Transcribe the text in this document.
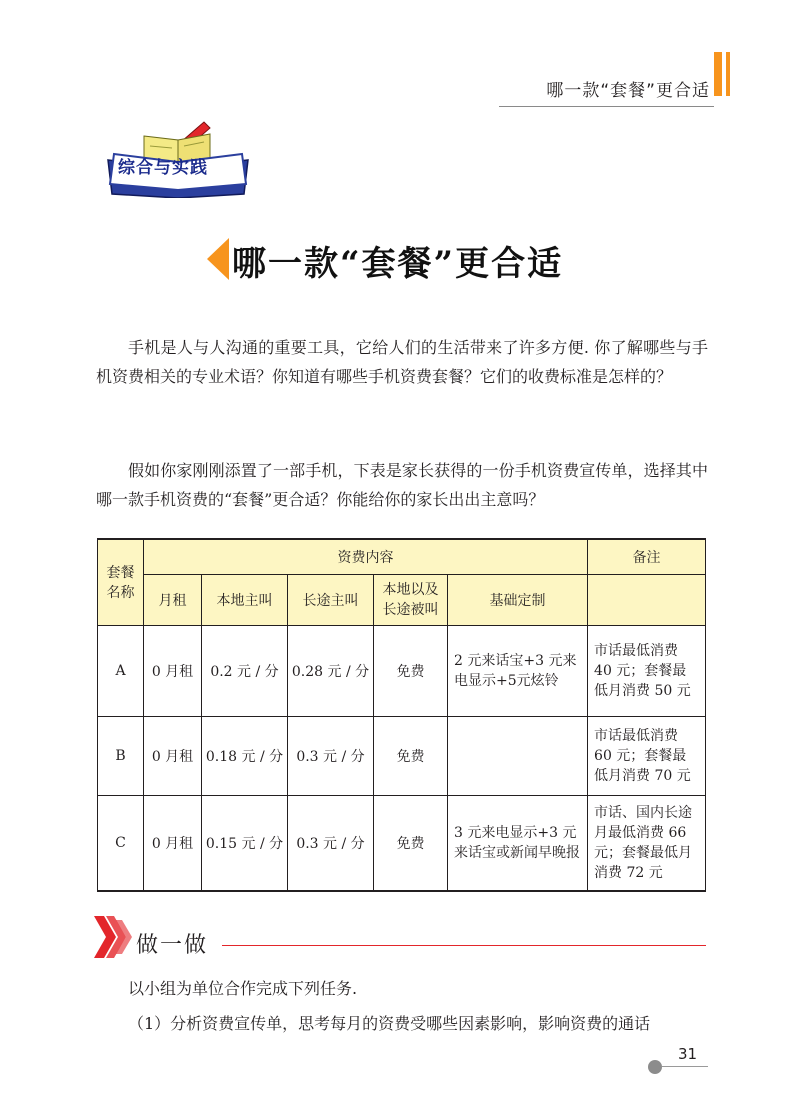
哪一款“套餐”更合适
综合与实践
哪一款“套餐”更合适

手机是人与人沟通的重要工具，它给人们的生活带来了许多方便. 你了解哪些与手机资费相关的专业术语？你知道有哪些手机资费套餐？它们的收费标准是怎样的？

假如你家刚刚添置了一部手机，下表是家长获得的一份手机资费宣传单，选择其中哪一款手机资费的“套餐”更合适？你能给你的家长出出主意吗？

套餐名称	资费内容					备注
	月租	本地主叫	长途主叫	本地以及长途被叫	基础定制	
A	0 月租	0.2 元 / 分	0.28 元 / 分	免费	2 元来话宝+3 元来电显示+5元炫铃	市话最低消费 40 元；套餐最低月消费 50 元
B	0 月租	0.18 元 / 分	0.3 元 / 分	免费		市话最低消费 60 元；套餐最低月消费 70 元
C	0 月租	0.15 元 / 分	0.3 元 / 分	免费	3 元来电显示+3 元来话宝或新闻早晚报	市话、国内长途月最低消费 66 元；套餐最低月消费 72 元
做一做
以小组为单位合作完成下列任务.
（1）分析资费宣传单，思考每月的资费受哪些因素影响，影响资费的通话
31
